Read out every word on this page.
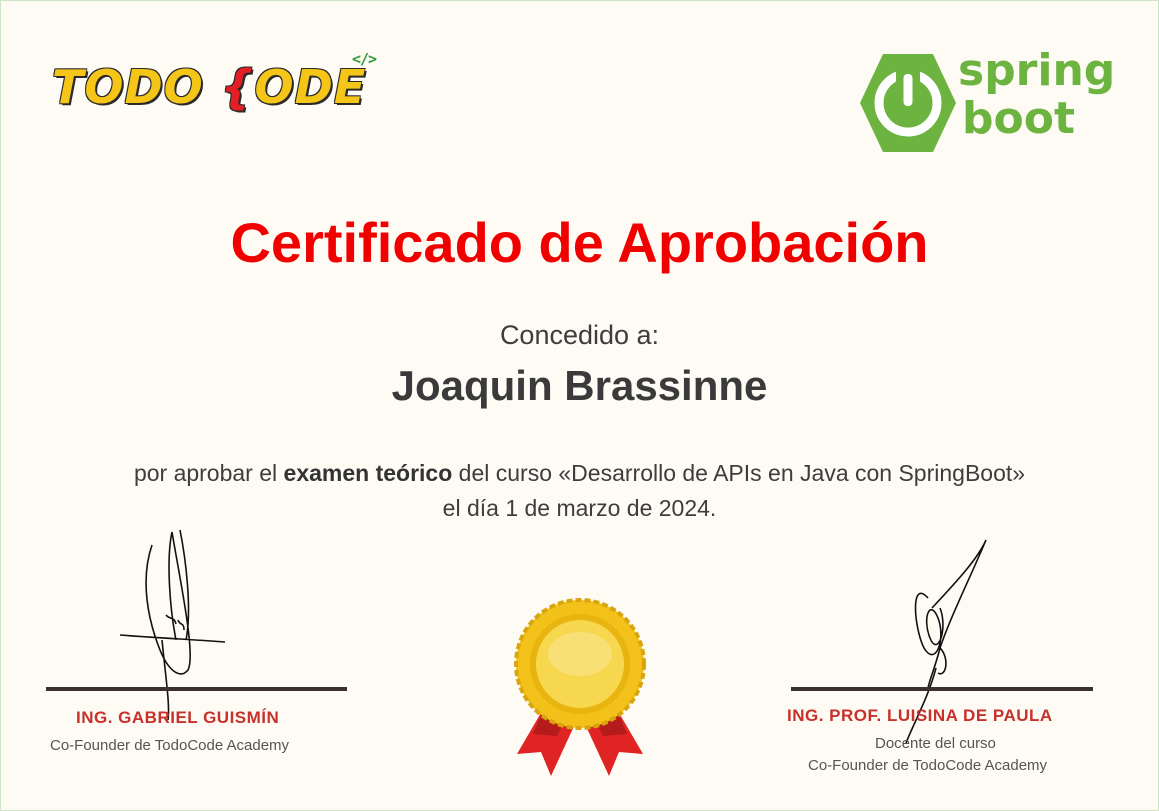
TODO {ODE
</>	spring
boot
Certificado de Aprobación
Concedido a:
Joaquin Brassinne
por aprobar el examen teórico del curso «Desarrollo de APIs en Java con SpringBoot»
el día 1 de marzo de 2024.
ING. GABRIEL GUISMÍN
Co-Founder de TodoCode Academy
ING. PROF. LUISINA DE PAULA
Docente del curso
Co-Founder de TodoCode Academy
